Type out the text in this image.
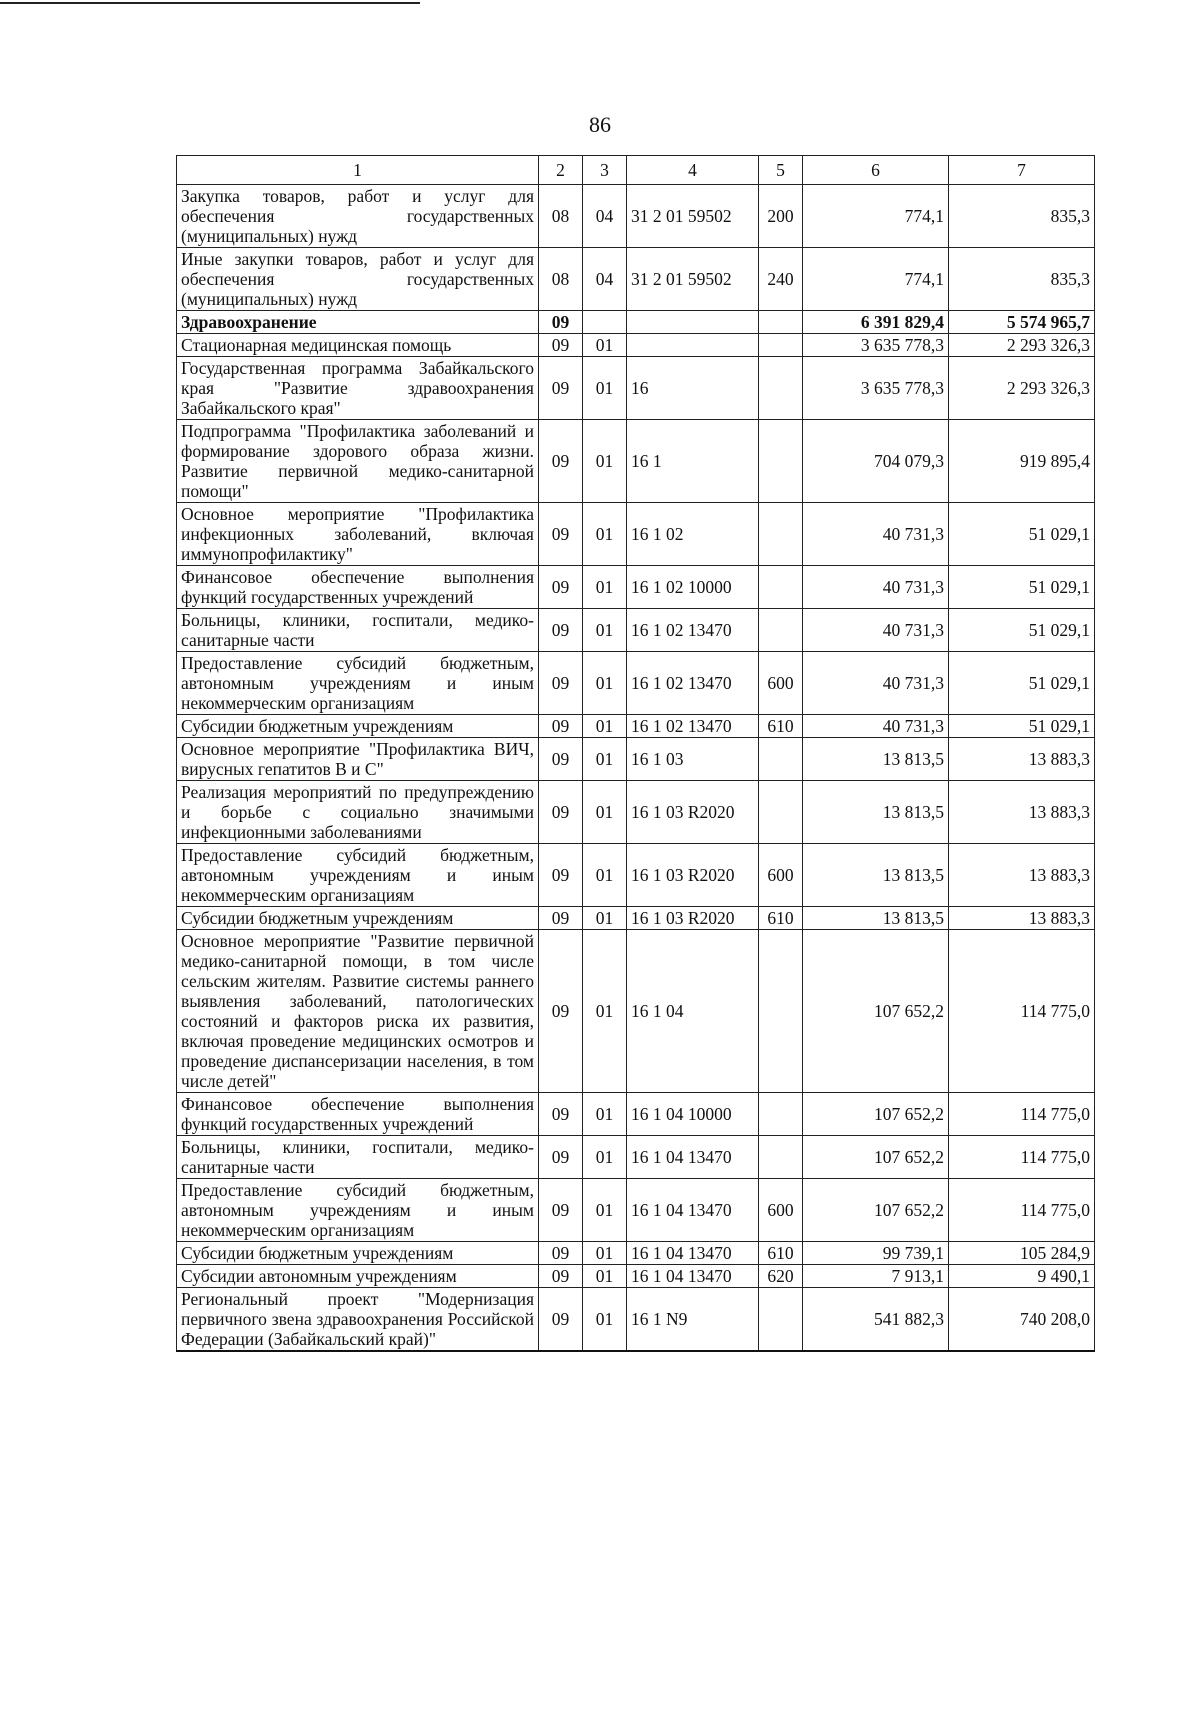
86
1	2	3	4	5	6	7
Закупка товаров, работ и услуг для обеспечения государственных (муниципальных) нужд	08	04	31 2 01 59502	200	774,1	835,3
Иные закупки товаров, работ и услуг для обеспечения государственных (муниципальных) нужд	08	04	31 2 01 59502	240	774,1	835,3
Здравоохранение	09				6 391 829,4	5 574 965,7
Стационарная медицинская помощь	09	01			3 635 778,3	2 293 326,3
Государственная программа Забайкальского края "Развитие здравоохранения Забайкальского края"	09	01	16		3 635 778,3	2 293 326,3
Подпрограмма "Профилактика заболеваний и формирование здорового образа жизни. Развитие первичной медико-санитарной помощи"	09	01	16 1		704 079,3	919 895,4
Основное мероприятие "Профилактика инфекционных заболеваний, включая иммунопрофилактику"	09	01	16 1 02		40 731,3	51 029,1
Финансовое обеспечение выполнения функций государственных учреждений	09	01	16 1 02 10000		40 731,3	51 029,1
Больницы, клиники, госпитали, медико-санитарные части	09	01	16 1 02 13470		40 731,3	51 029,1
Предоставление субсидий бюджетным, автономным учреждениям и иным некоммерческим организациям	09	01	16 1 02 13470	600	40 731,3	51 029,1
Субсидии бюджетным учреждениям	09	01	16 1 02 13470	610	40 731,3	51 029,1
Основное мероприятие "Профилактика ВИЧ, вирусных гепатитов В и С"	09	01	16 1 03		13 813,5	13 883,3
Реализация мероприятий по предупреждению и борьбе с социально значимыми инфекционными заболеваниями	09	01	16 1 03 R2020		13 813,5	13 883,3
Предоставление субсидий бюджетным, автономным учреждениям и иным некоммерческим организациям	09	01	16 1 03 R2020	600	13 813,5	13 883,3
Субсидии бюджетным учреждениям	09	01	16 1 03 R2020	610	13 813,5	13 883,3
Основное мероприятие "Развитие первичной медико-санитарной помощи, в том числе сельским жителям. Развитие системы раннего выявления заболеваний, патологических состояний и факторов риска их развития, включая проведение медицинских осмотров и проведение диспансеризации населения, в том числе детей"	09	01	16 1 04		107 652,2	114 775,0
Финансовое обеспечение выполнения функций государственных учреждений	09	01	16 1 04 10000		107 652,2	114 775,0
Больницы, клиники, госпитали, медико-санитарные части	09	01	16 1 04 13470		107 652,2	114 775,0
Предоставление субсидий бюджетным, автономным учреждениям и иным некоммерческим организациям	09	01	16 1 04 13470	600	107 652,2	114 775,0
Субсидии бюджетным учреждениям	09	01	16 1 04 13470	610	99 739,1	105 284,9
Субсидии автономным учреждениям	09	01	16 1 04 13470	620	7 913,1	9 490,1
Региональный проект "Модернизация первичного звена здравоохранения Российской Федерации (Забайкальский край)"	09	01	16 1 N9		541 882,3	740 208,0
